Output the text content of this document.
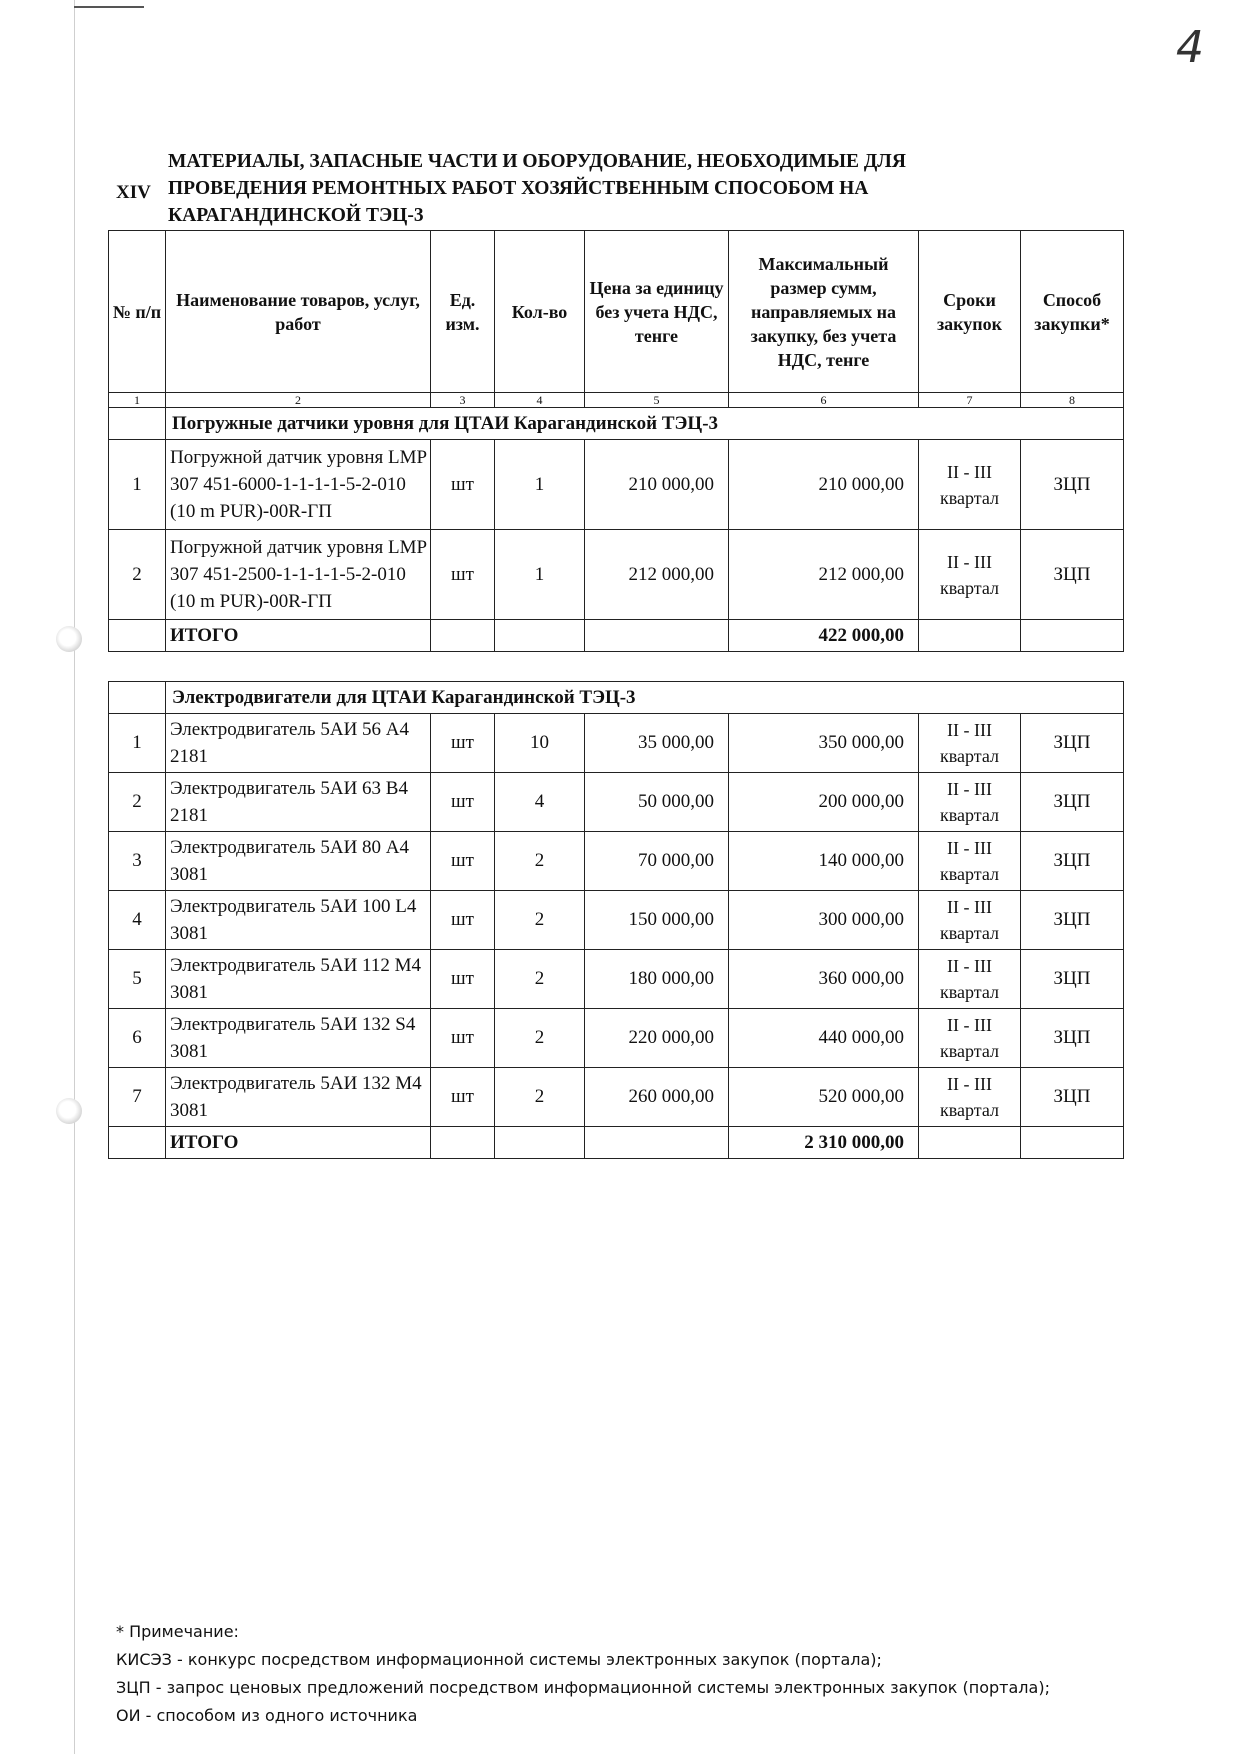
4
XIV
МАТЕРИАЛЫ, ЗАПАСНЫЕ ЧАСТИ И ОБОРУДОВАНИЕ, НЕОБХОДИМЫЕ ДЛЯ ПРОВЕДЕНИЯ РЕМОНТНЫХ РАБОТ ХОЗЯЙСТВЕННЫМ СПОСОБОМ НА КАРАГАНДИНСКОЙ ТЭЦ-3
№ п/п	Наименование товаров, услуг, работ	Ед. изм.	Кол-во	Цена за единицу без учета НДС, тенге	Максимальный размер сумм, направляемых на закупку, без учета НДС, тенге	Сроки закупок	Способ закупки*
1	2	3	4	5	6	7	8
	Погружные датчики уровня для ЦТАИ Карагандинской ТЭЦ-3						
1	Погружной датчик уровня LMP 307 451-6000-1-1-1-1-5-2-010 (10 m PUR)-00R-ГП	шт	1	210 000,00	210 000,00	II - III квартал	ЗЦП
2	Погружной датчик уровня LMP 307 451-2500-1-1-1-1-5-2-010 (10 m PUR)-00R-ГП	шт	1	212 000,00	212 000,00	II - III квартал	ЗЦП
	ИТОГО				422 000,00		
	Электродвигатели для ЦТАИ Карагандинской ТЭЦ-3						
1	Электродвигатель 5АИ 56 А4 2181	шт	10	35 000,00	350 000,00	II - III квартал	ЗЦП
2	Электродвигатель 5АИ 63 В4 2181	шт	4	50 000,00	200 000,00	II - III квартал	ЗЦП
3	Электродвигатель 5АИ 80 А4 3081	шт	2	70 000,00	140 000,00	II - III квартал	ЗЦП
4	Электродвигатель 5АИ 100 L4 3081	шт	2	150 000,00	300 000,00	II - III квартал	ЗЦП
5	Электродвигатель 5АИ 112 М4 3081	шт	2	180 000,00	360 000,00	II - III квартал	ЗЦП
6	Электродвигатель 5АИ 132 S4 3081	шт	2	220 000,00	440 000,00	II - III квартал	ЗЦП
7	Электродвигатель 5АИ 132 М4 3081	шт	2	260 000,00	520 000,00	II - III квартал	ЗЦП
	ИТОГО				2 310 000,00		
* Примечание:
КИСЭЗ - конкурс посредством информационной системы электронных закупок (портала);
ЗЦП - запрос ценовых предложений посредством информационной системы электронных закупок (портала);
ОИ - способом из одного источника
